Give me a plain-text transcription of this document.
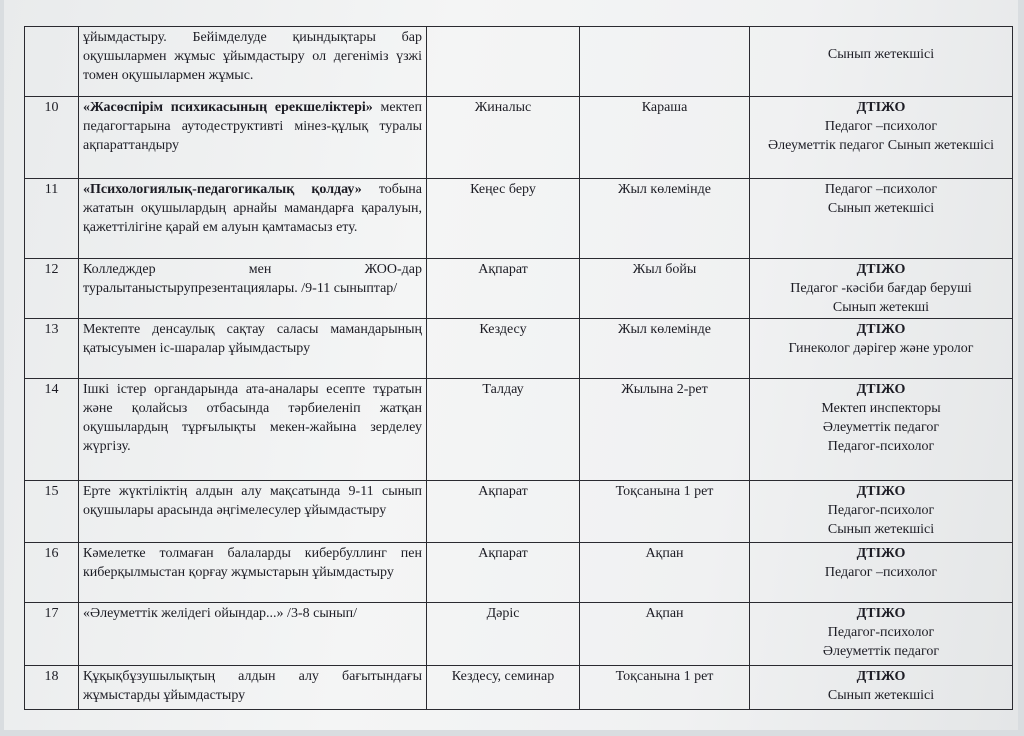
	ұйымдастыру. Бейімделуде қиындықтары бар оқушылармен жұмыс ұйымдастыру ол дегеніміз үзжі томен оқушылармен жұмыс.			Сынып жетекшісі

10	«Жасөспірім психикасының ерекшеліктері» мектеп педагогтарына аутодеструктивті мінез-құлық туралы ақпараттандыру	Жиналыс	Караша	ДТІЖО
Педагог –психолог
Әлеуметтік педагог Сынып жетекшісі

11	«Психологиялық-педагогикалық қолдау» тобына жататын оқушылардың арнайы мамандарға қаралуын, қажеттілігіне қарай ем алуын қамтамасыз ету.	Кеңес беру	Жыл көлемінде	Педагог –психолог
Сынып жетекшісі

12	Колледждер мен ЖОО-дар туралытаныстырупрезентациялары. /9-11 сыныптар/	Ақпарат	Жыл бойы	ДТІЖО
Педагог -кәсіби бағдар беруші
Сынып жетекші

13	Мектепте денсаулық сақтау саласы мамандарының қатысуымен іс-шаралар ұйымдастыру	Кездесу	Жыл көлемінде	ДТІЖО
Гинеколог дәрігер және уролог

14	Ішкі істер органдарында ата-аналары есепте тұратын және қолайсыз отбасында тәрбиеленіп жатқан оқушылардың тұрғылықты мекен-жайына зерделеу жүргізу.	Талдау	Жылына 2-рет	ДТІЖО
Мектеп инспекторы
Әлеуметтік педагог
Педагог-психолог

15	Ерте жүктіліктің алдын алу мақсатында 9-11 сынып оқушылары арасында әңгімелесулер ұйымдастыру	Ақпарат	Тоқсанына 1 рет	ДТІЖО
Педагог-психолог
Сынып жетекшісі

16	Кәмелетке толмаған балаларды кибербуллинг пен киберқылмыстан қорғау жұмыстарын ұйымдастыру	Ақпарат	Ақпан	ДТІЖО
Педагог –психолог

17	«Әлеуметтік желідегі ойындар...» /3-8 сынып/	Дәріс	Ақпан	ДТІЖО
Педагог-психолог
Әлеуметтік педагог

18	Құқықбұзушылықтың алдын алу бағытындағы жұмыстарды ұйымдастыру	Кездесу, семинар	Тоқсанына 1 рет	ДТІЖО
Сынып жетекшісі
